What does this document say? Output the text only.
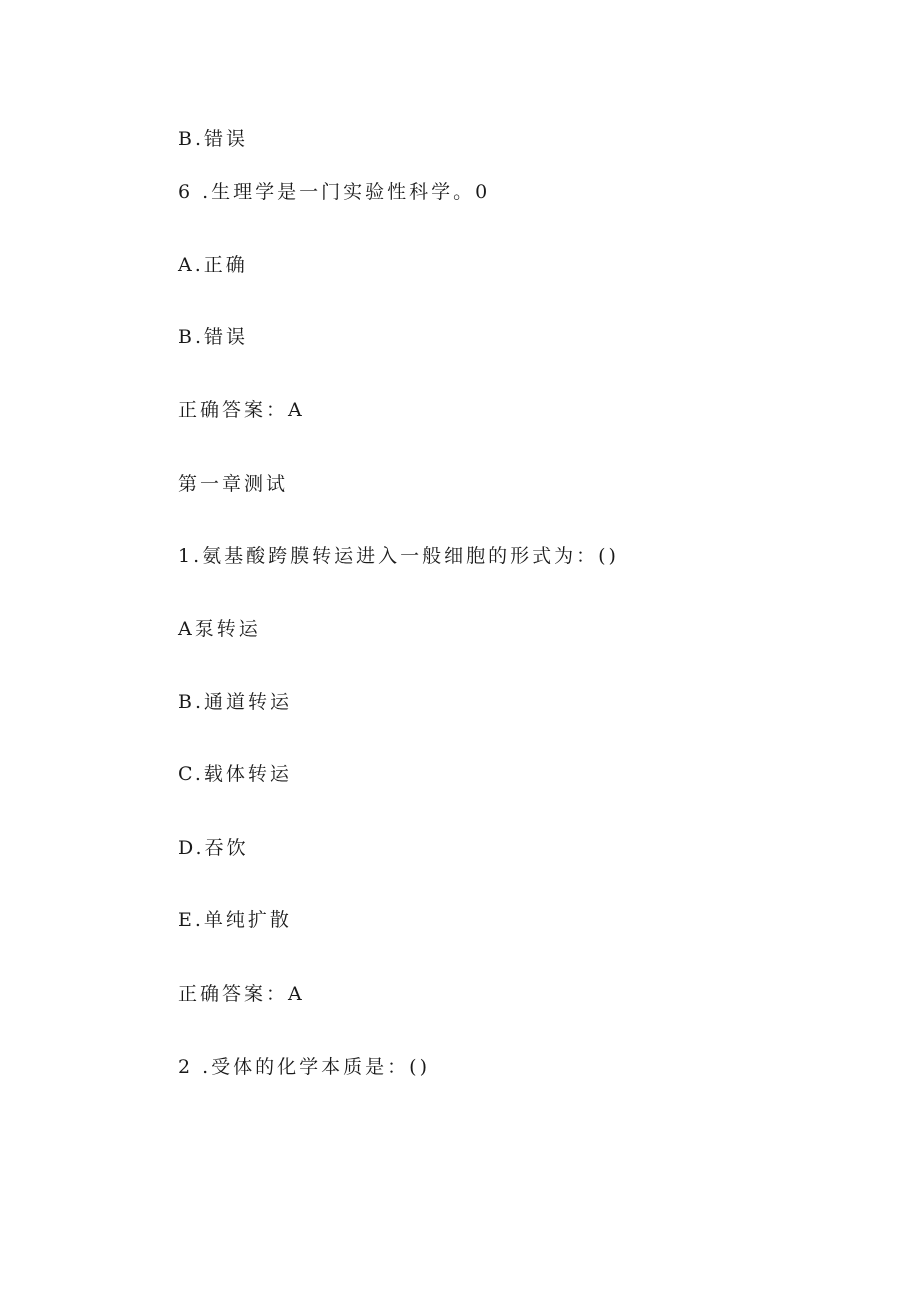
B.错误
6 .生理学是一门实验性科学。0
A.正确
B.错误
正确答案：A
第一章测试
1.氨基酸跨膜转运进入一般细胞的形式为：()
A泵转运
B.通道转运
C.载体转运
D.吞饮
E.单纯扩散
正确答案：A
2 .受体的化学本质是：()
